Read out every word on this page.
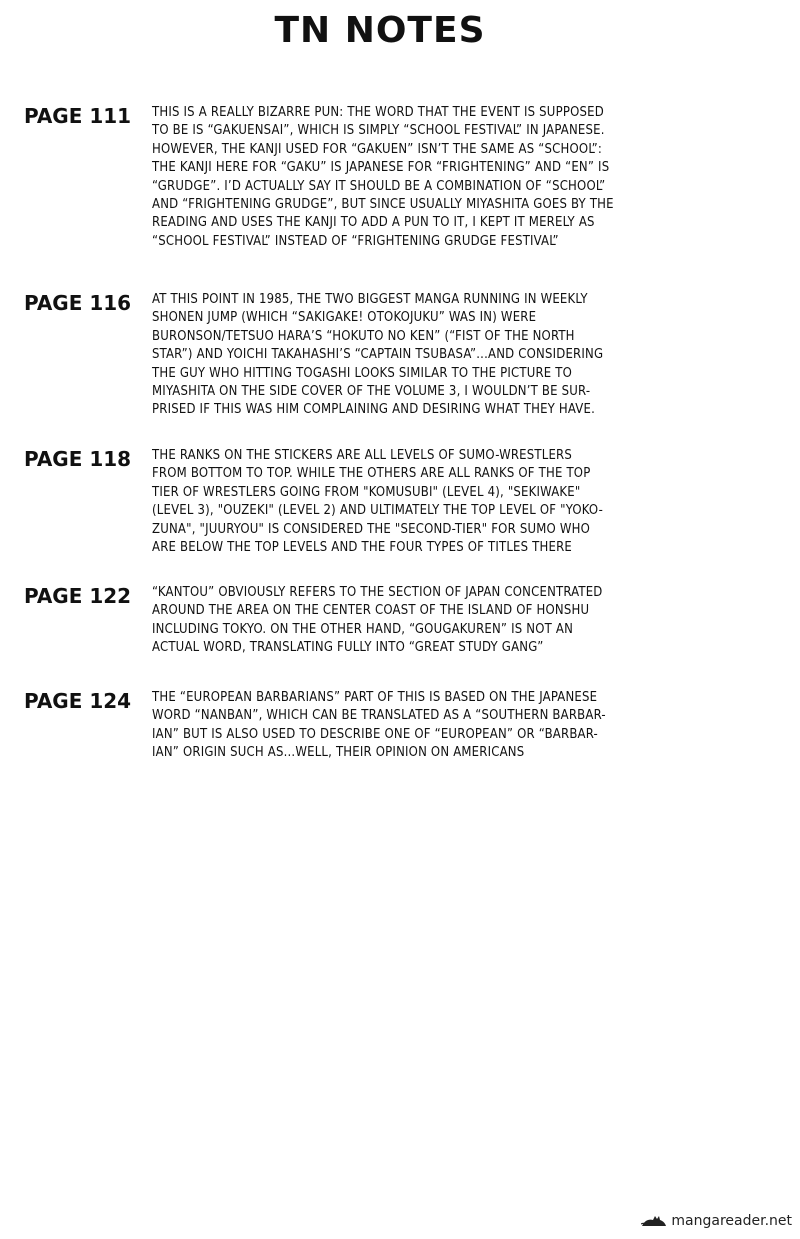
TN NOTES
PAGE 111	THIS IS A REALLY BIZARRE PUN: THE WORD THAT THE EVENT IS SUPPOSED
TO BE IS “GAKUENSAI”, WHICH IS SIMPLY “SCHOOL FESTIVAL” IN JAPANESE.
HOWEVER, THE KANJI USED FOR “GAKUEN” ISN’T THE SAME AS “SCHOOL”:
THE KANJI HERE FOR “GAKU” IS JAPANESE FOR “FRIGHTENING” AND “EN” IS
“GRUDGE”. I’D ACTUALLY SAY IT SHOULD BE A COMBINATION OF “SCHOOL”
AND “FRIGHTENING GRUDGE”, BUT SINCE USUALLY MIYASHITA GOES BY THE
READING AND USES THE KANJI TO ADD A PUN TO IT, I KEPT IT MERELY AS
“SCHOOL FESTIVAL” INSTEAD OF “FRIGHTENING GRUDGE FESTIVAL”

PAGE 116	AT THIS POINT IN 1985, THE TWO BIGGEST MANGA RUNNING IN WEEKLY
SHONEN JUMP (WHICH “SAKIGAKE! OTOKOJUKU” WAS IN) WERE
BURONSON/TETSUO HARA’S “HOKUTO NO KEN” (“FIST OF THE NORTH
STAR”) AND YOICHI TAKAHASHI’S “CAPTAIN TSUBASA”...AND CONSIDERING
THE GUY WHO HITTING TOGASHI LOOKS SIMILAR TO THE PICTURE TO
MIYASHITA ON THE SIDE COVER OF THE VOLUME 3, I WOULDN’T BE SUR-
PRISED IF THIS WAS HIM COMPLAINING AND DESIRING WHAT THEY HAVE.

PAGE 118	THE RANKS ON THE STICKERS ARE ALL LEVELS OF SUMO-WRESTLERS
FROM BOTTOM TO TOP. WHILE THE OTHERS ARE ALL RANKS OF THE TOP
TIER OF WRESTLERS GOING FROM "KOMUSUBI" (LEVEL 4), "SEKIWAKE"
(LEVEL 3), "OUZEKI" (LEVEL 2) AND ULTIMATELY THE TOP LEVEL OF "YOKO-
ZUNA", "JUURYOU" IS CONSIDERED THE "SECOND-TIER" FOR SUMO WHO
ARE BELOW THE TOP LEVELS AND THE FOUR TYPES OF TITLES THERE

PAGE 122	“KANTOU” OBVIOUSLY REFERS TO THE SECTION OF JAPAN CONCENTRATED
AROUND THE AREA ON THE CENTER COAST OF THE ISLAND OF HONSHU
INCLUDING TOKYO. ON THE OTHER HAND, “GOUGAKUREN” IS NOT AN
ACTUAL WORD, TRANSLATING FULLY INTO “GREAT STUDY GANG”

PAGE 124	THE “EUROPEAN BARBARIANS” PART OF THIS IS BASED ON THE JAPANESE
WORD “NANBAN”, WHICH CAN BE TRANSLATED AS A “SOUTHERN BARBAR-
IAN” BUT IS ALSO USED TO DESCRIBE ONE OF “EUROPEAN” OR “BARBAR-
IAN” ORIGIN SUCH AS...WELL, THEIR OPINION ON AMERICANS

mangareader.net
